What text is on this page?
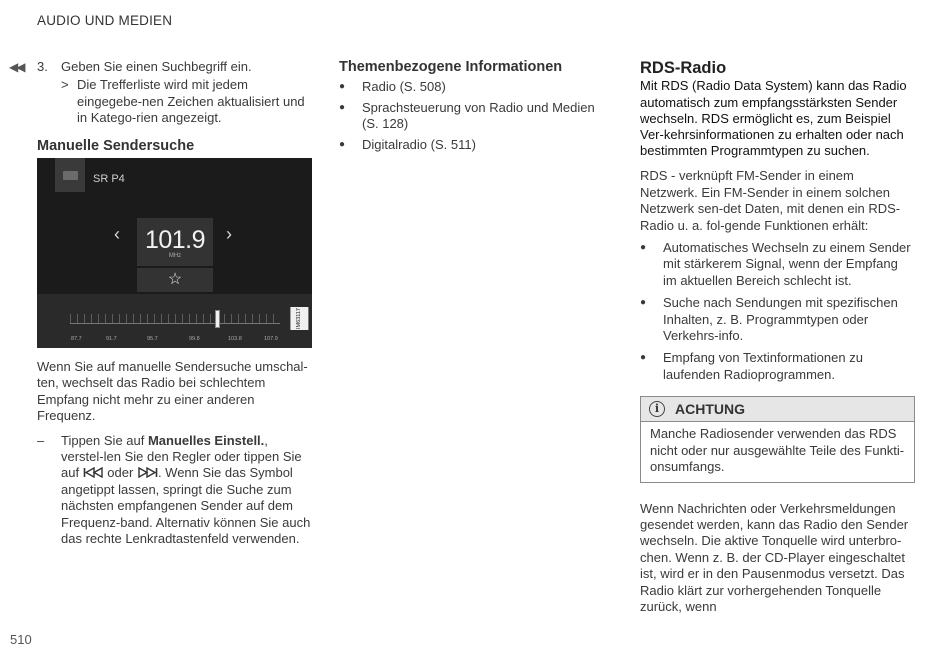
AUDIO UND MEDIEN
◀◀ 3.	Geben Sie einen Suchbegriff ein.
> Die Trefferliste wird mit jedem eingegebe-nen Zeichen aktualisiert und in Katego-rien angezeigt.
Manuelle Sendersuche
SR P4
‹ 101.9
MHz
›
☆
87.7	91.7	95.7	99.8	103.8	107.9
IM63117

Wenn Sie auf manuelle Sendersuche umschal-ten, wechselt das Radio bei schlechtem Empfang nicht mehr zu einer anderen Frequenz.

–	Tippen Sie auf Manuelles Einstell., verstel-len Sie den Regler oder tippen Sie auf  oder . Wenn Sie das Symbol angetippt lassen, springt die Suche zum nächsten empfangenen Sender auf dem Frequenz-band. Alternativ können Sie auch das rechte Lenkradtastenfeld verwenden.
Themenbezogene Informationen
●	Radio (S. 508)
●	Sprachsteuerung von Radio und Medien (S. 128)
●	Digitalradio (S. 511)
RDS-Radio

Mit RDS (Radio Data System) kann das Radio automatisch zum empfangsstärksten Sender wechseln. RDS ermöglicht es, zum Beispiel Ver-kehrsinformationen zu erhalten oder nach bestimmten Programmtypen zu suchen.

RDS - verknüpft FM-Sender in einem Netzwerk. Ein FM-Sender in einem solchen Netzwerk sen-det Daten, mit denen ein RDS-Radio u. a. fol-gende Funktionen erhält:

●	Automatisches Wechseln zu einem Sender mit stärkerem Signal, wenn der Empfang im aktuellen Bereich schlecht ist.
●	Suche nach Sendungen mit spezifischen Inhalten, z. B. Programmtypen oder Verkehrs-info.
●	Empfang von Textinformationen zu laufenden Radioprogrammen.
i	ACHTUNG
Manche Radiosender verwenden das RDS nicht oder nur ausgewählte Teile des Funkti-onsumfangs.

Wenn Nachrichten oder Verkehrsmeldungen gesendet werden, kann das Radio den Sender wechseln. Die aktive Tonquelle wird unterbro-chen. Wenn z. B. der CD-Player eingeschaltet ist, wird er in den Pausenmodus versetzt. Das Radio klärt zur vorhergehenden Tonquelle zurück, wenn

510
